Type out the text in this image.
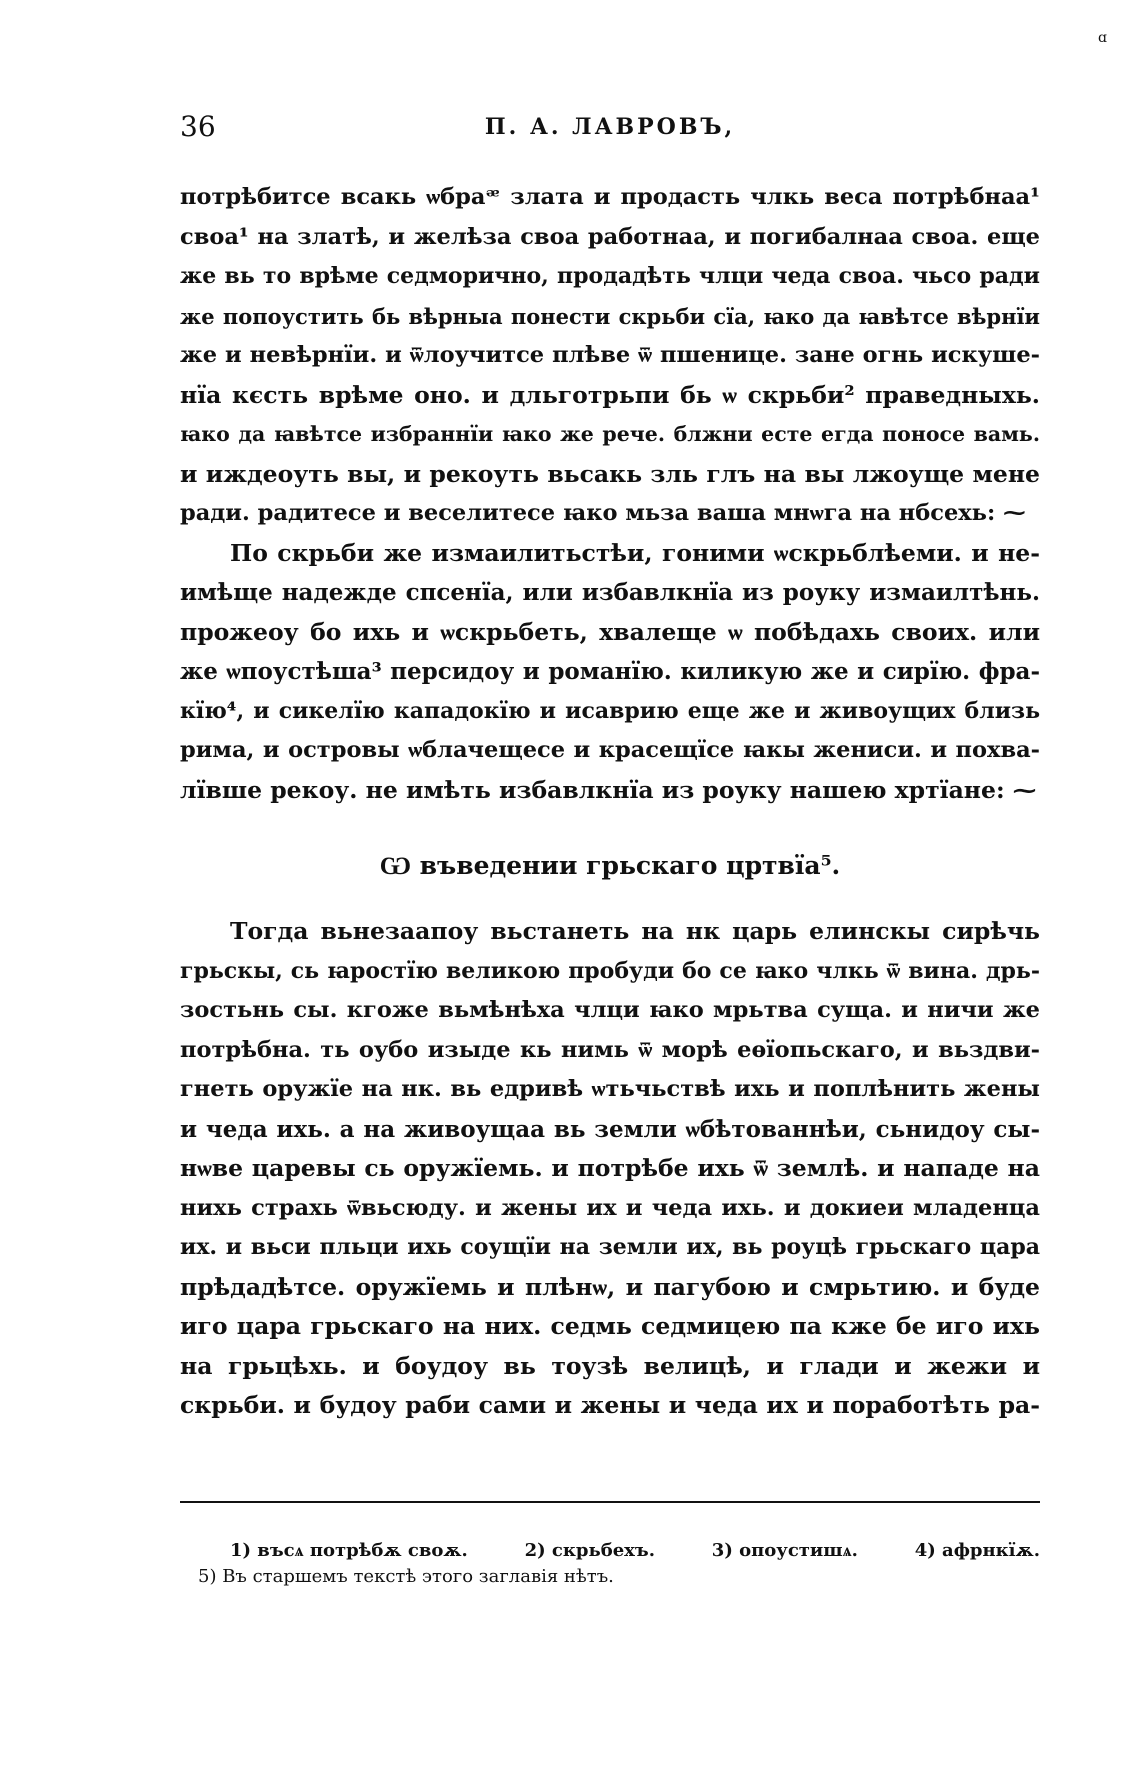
ɑ
36	П. А. ЛАВРОВЪ,
потрѣбитсе всакь ѡбраᵆ злата и продасть члкь веса потрѣбнаа¹
своа¹ на златѣ, и желѣза своа работнаа, и погибалнаа своа. еще
же вь то врѣме седморично, продадѣть члци чеда своа. чьсо ради
же попоустить бь вѣрныа понести скрьби сїа, ꙗко да ꙗвѣтсе вѣрнїи
же и невѣрнїи. и ѿлоучитсе плѣве ѿ пшенице. зане огнь искуше-
нїа кєсть врѣме оно. и дльготрьпи бь ѡ скрьби² праведныхь.
ꙗко да ꙗвѣтсе избраннїи ꙗко же рече. блжни есте егда поносе вамь.
и иждеоуть вы, и рекоуть вьсакь зль глъ на вы лжоуще мене
ради. радитесе и веселитесе ꙗко мьза ваша мнѡга на нбсехь: ⁓
По скрьби же измаилитьстѣи, гоними ѡскрьблѣеми. и не-
имѣще надежде спсенїа, или избавлкнїа из роуку измаилтѣнь.
прожеоу бо ихь и ѡскрьбеть, хвалеще ѡ побѣдахь своих. или
же ѡпоустѣша³ персидоу и романїю. киликую же и сирїю. фра-
кїю⁴, и сикелїю кападокїю и исаврию еще же и живоущих близь
рима, и островы ѡблачещесе и красещїсе ꙗкы жениси. и похва-
лївше рекоу. не имѣть избавлкнїа из роуку нашею хртїане: ⁓
Ѡ въведении грьскаго цртвїа⁵.
Тогда вьнезаапоу вьстанеть на нк царь елинскы сирѣчь
грьскы, сь ꙗростїю великою пробуди бо се ꙗко члкь ѿ вина. дрь-
зостьнь сы. кгоже вьмѣнѣха члци ꙗко мрьтва суща. и ничи же
потрѣбна. ть оубо изыде кь нимь ѿ морѣ еѳїопьскаго, и вьздви-
гнеть оружїе на нк. вь едривѣ ѡтьчьствѣ ихь и поплѣнить жены
и чеда ихь. а на живоущаа вь земли ѡбѣтованнѣи, сьнидоу сы-
нѡве царевы сь оружїемь. и потрѣбе ихь ѿ землѣ. и нападе на
нихь страхь ѿвьсюду. и жены их и чеда ихь. и докиеи младенца
их. и вьси пльци ихь соущїи на земли их, вь роуцѣ грьскаго цара
прѣдадѣтсе. оружїемь и плѣнѡ, и пагубою и смрьтию. и буде
иго цара грьскаго на них. седмь седмицею па кже бе иго ихь
на грьцѣхь. и боудоу вь тоузѣ велицѣ, и глади и жежи и
скрьби. и будоу раби сами и жены и чеда их и поработѣть ра-
1) въсѧ потрѣбѫ своѫ.	2) скрьбехъ.	3) опоустишѧ.	4) афрнкїѫ.
5) Въ старшемъ текстѣ этого заглавія нѣтъ.
